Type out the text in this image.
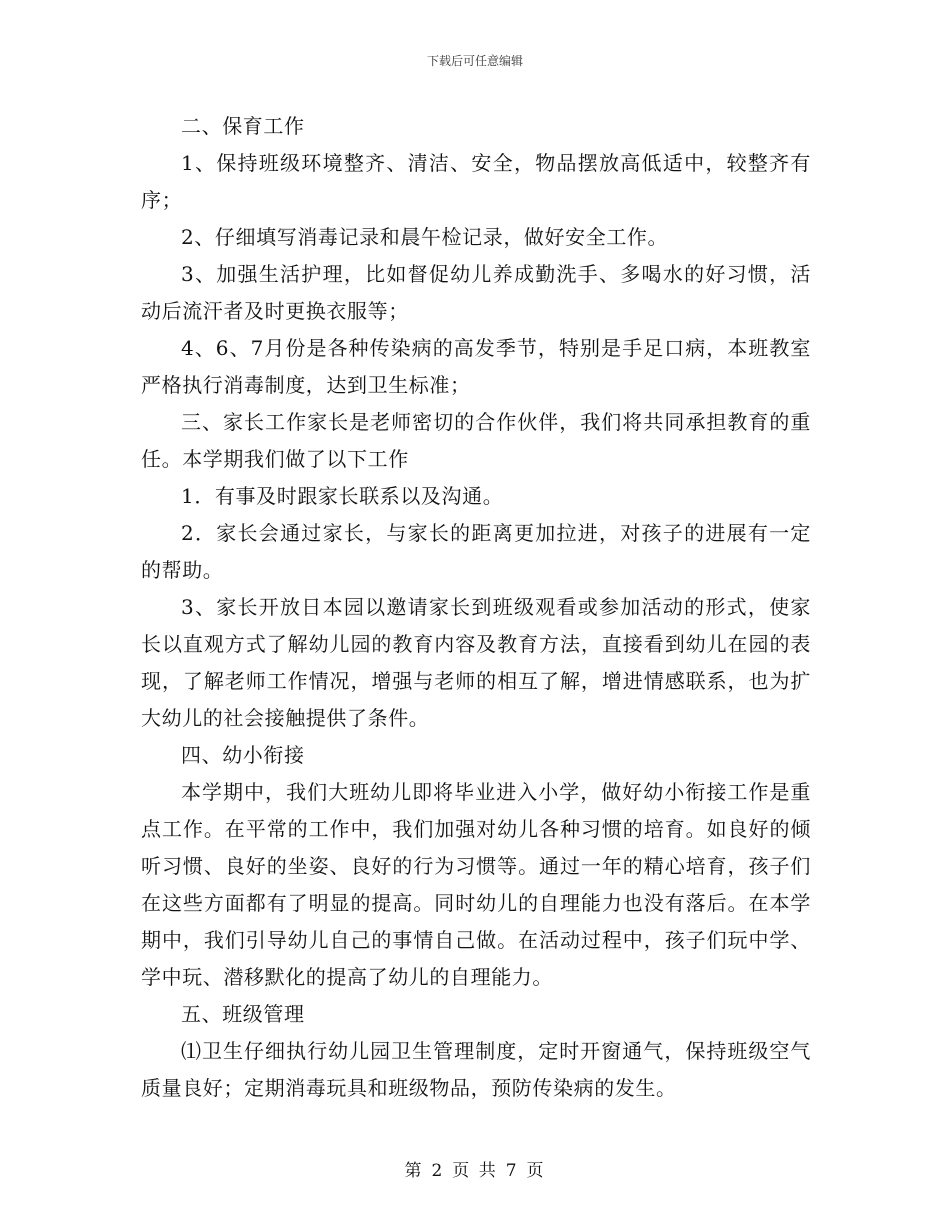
下载后可任意编辑

二、保育工作

1、保持班级环境整齐、清洁、安全，物品摆放高低适中，较整齐有序；

2、仔细填写消毒记录和晨午检记录，做好安全工作。

3、加强生活护理，比如督促幼儿养成勤洗手、多喝水的好习惯，活动后流汗者及时更换衣服等；

4、6、7月份是各种传染病的高发季节，特别是手足口病，本班教室严格执行消毒制度，达到卫生标准；

三、家长工作家长是老师密切的合作伙伴，我们将共同承担教育的重任。本学期我们做了以下工作

1．有事及时跟家长联系以及沟通。

2．家长会通过家长，与家长的距离更加拉进，对孩子的进展有一定的帮助。

3、家长开放日本园以邀请家长到班级观看或参加活动的形式，使家长以直观方式了解幼儿园的教育内容及教育方法，直接看到幼儿在园的表现，了解老师工作情况，增强与老师的相互了解，增进情感联系，也为扩大幼儿的社会接触提供了条件。

四、幼小衔接

本学期中，我们大班幼儿即将毕业进入小学，做好幼小衔接工作是重点工作。在平常的工作中，我们加强对幼儿各种习惯的培育。如良好的倾听习惯、良好的坐姿、良好的行为习惯等。通过一年的精心培育，孩子们在这些方面都有了明显的提高。同时幼儿的自理能力也没有落后。在本学期中，我们引导幼儿自己的事情自己做。在活动过程中，孩子们玩中学、学中玩、潜移默化的提高了幼儿的自理能力。

五、班级管理

⑴卫生仔细执行幼儿园卫生管理制度，定时开窗通气，保持班级空气质量良好；定期消毒玩具和班级物品，预防传染病的发生。

第 2 页 共 7 页
